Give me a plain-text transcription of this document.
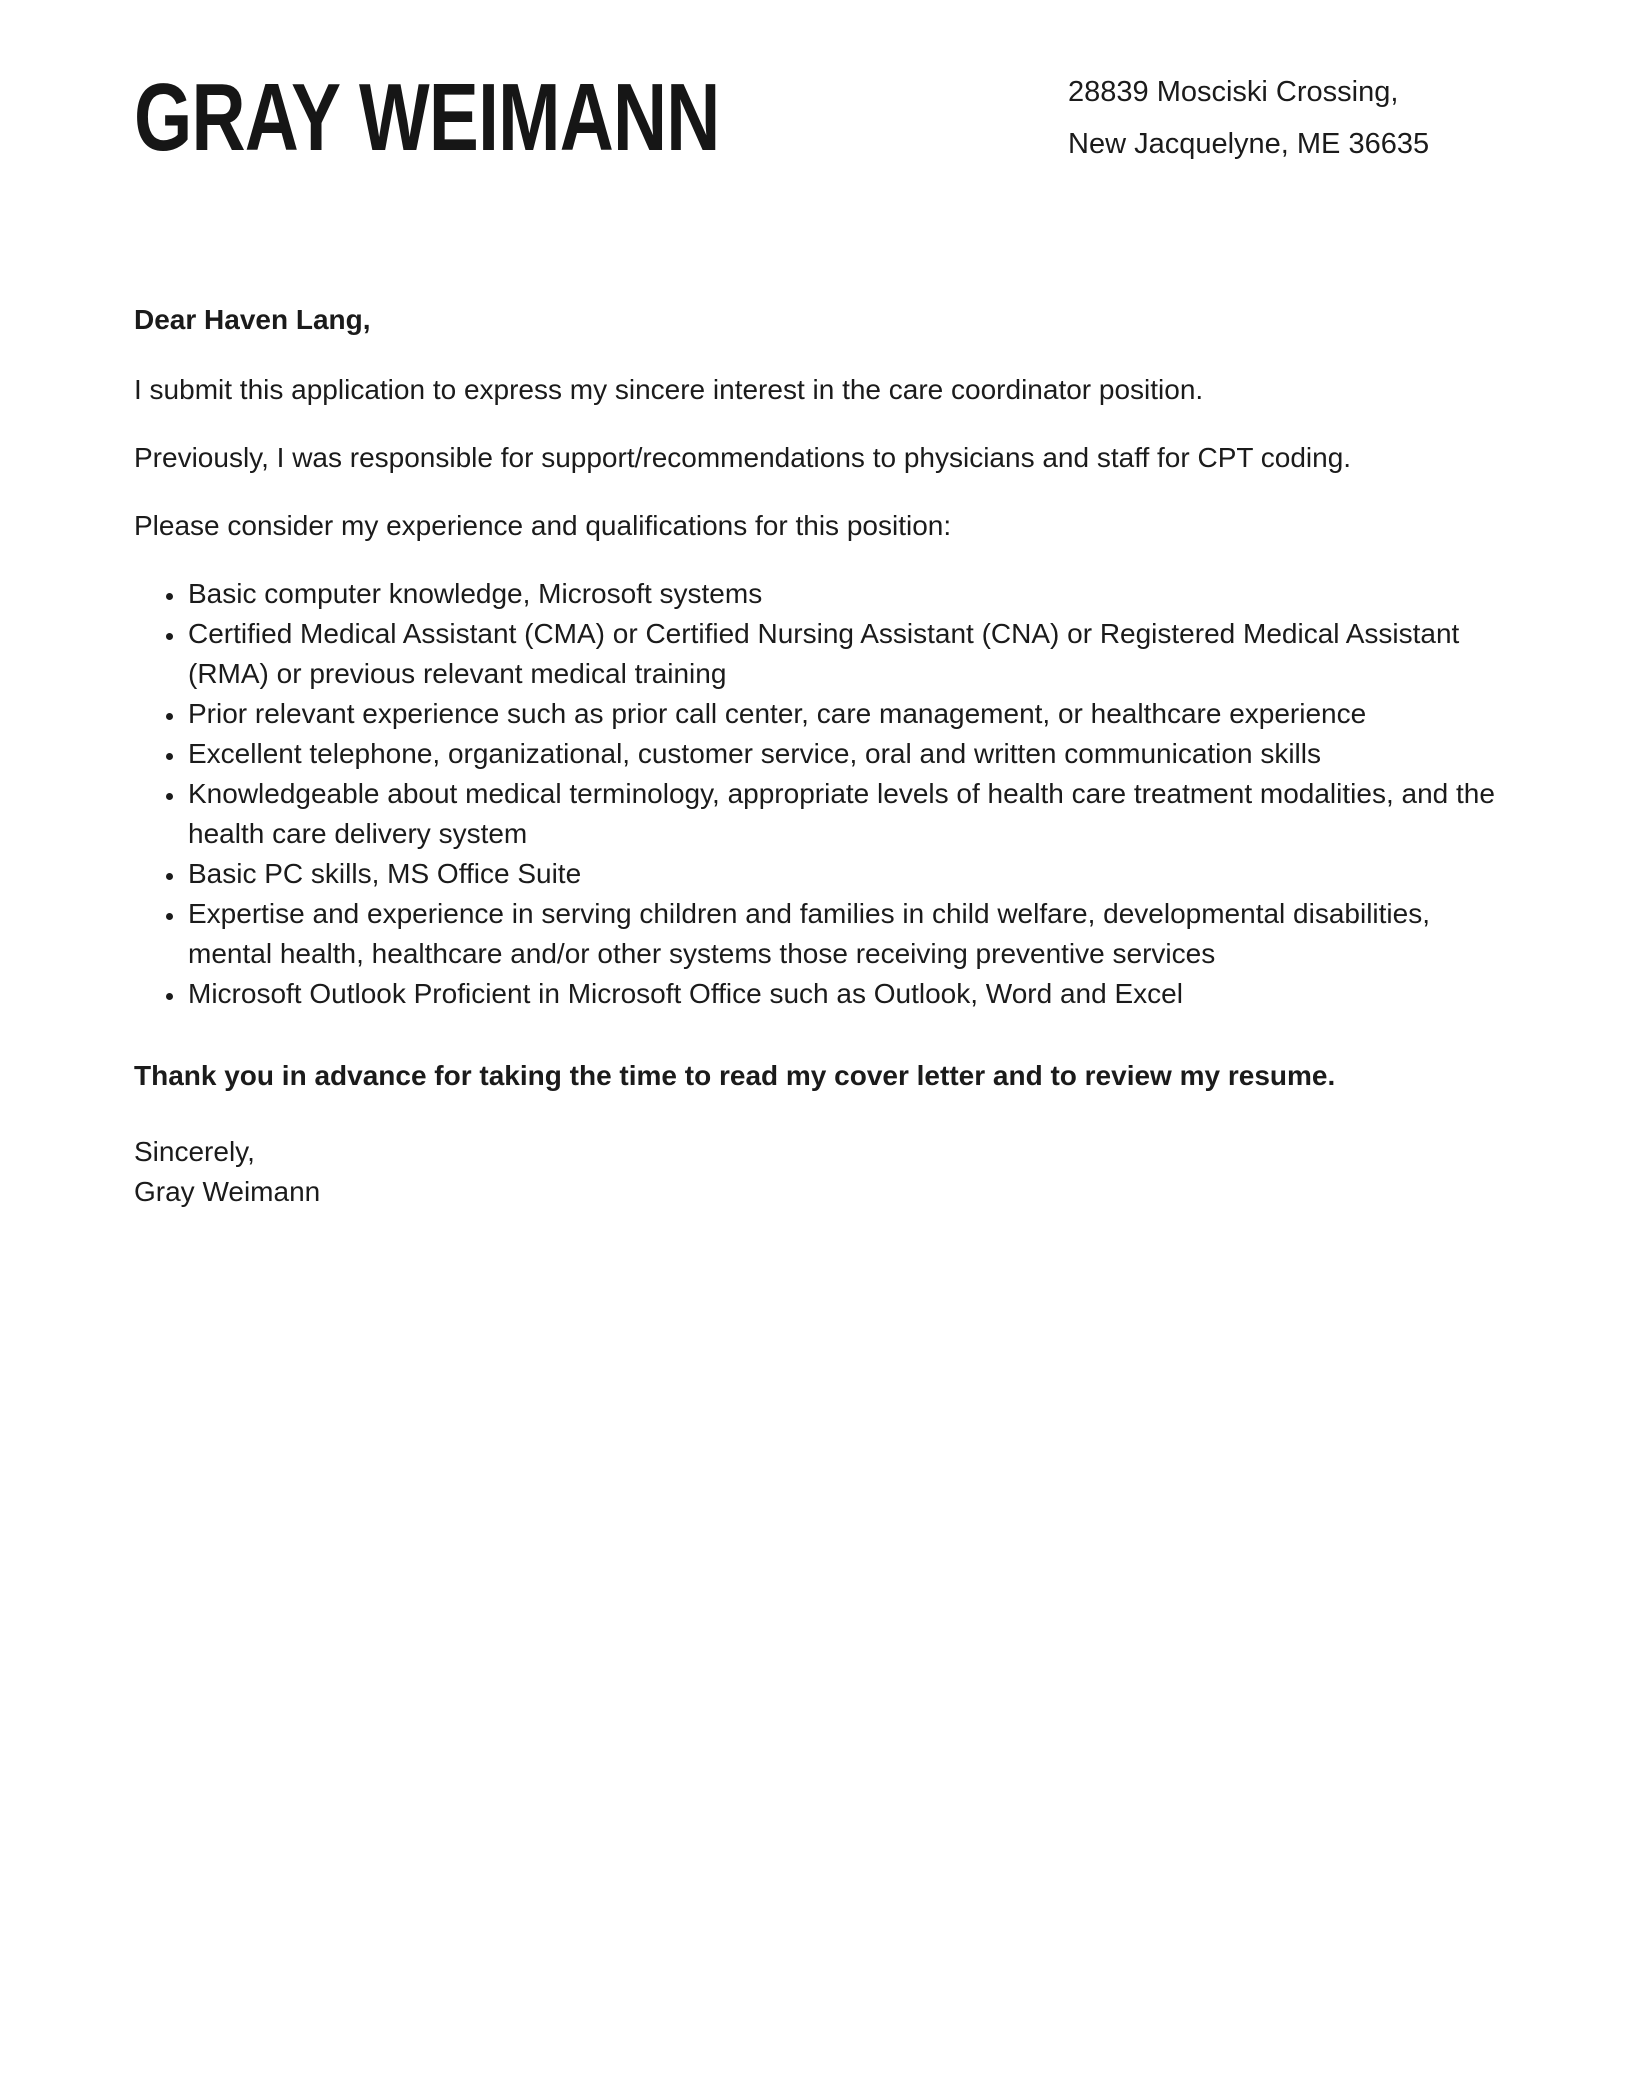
GRAY WEIMANN	28839 Mosciski Crossing,
New Jacquelyne, ME 36635

Dear Haven Lang,

I submit this application to express my sincere interest in the care coordinator position.

Previously, I was responsible for support/recommendations to physicians and staff for CPT coding.

Please consider my experience and qualifications for this position:

• Basic computer knowledge, Microsoft systems
• Certified Medical Assistant (CMA) or Certified Nursing Assistant (CNA) or Registered Medical Assistant (RMA) or previous relevant medical training
• Prior relevant experience such as prior call center, care management, or healthcare experience
• Excellent telephone, organizational, customer service, oral and written communication skills
• Knowledgeable about medical terminology, appropriate levels of health care treatment modalities, and the health care delivery system
• Basic PC skills, MS Office Suite
• Expertise and experience in serving children and families in child welfare, developmental disabilities, mental health, healthcare and/or other systems those receiving preventive services
• Microsoft Outlook Proficient in Microsoft Office such as Outlook, Word and Excel

Thank you in advance for taking the time to read my cover letter and to review my resume.

Sincerely,
Gray Weimann
